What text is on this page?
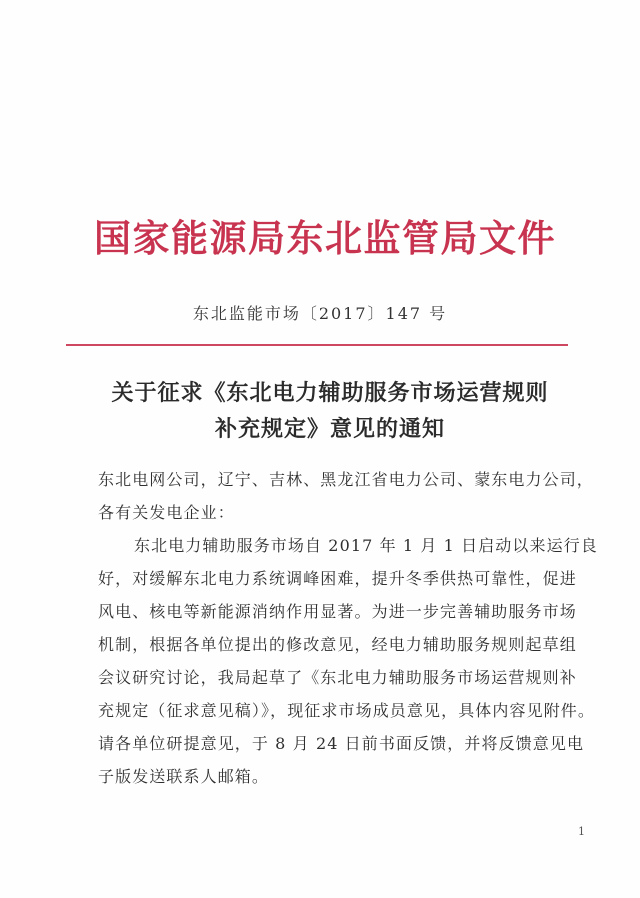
国家能源局东北监管局文件
东北监能市场〔2017〕147 号
关于征求《东北电力辅助服务市场运营规则
补充规定》意见的通知
东北电网公司，辽宁、吉林、黑龙江省电力公司、蒙东电力公司，
各有关发电企业：
东北电力辅助服务市场自 2017 年 1 月 1 日启动以来运行良
好，对缓解东北电力系统调峰困难，提升冬季供热可靠性，促进
风电、核电等新能源消纳作用显著。为进一步完善辅助服务市场
机制，根据各单位提出的修改意见，经电力辅助服务规则起草组
会议研究讨论，我局起草了《东北电力辅助服务市场运营规则补
充规定（征求意见稿）》，现征求市场成员意见，具体内容见附件。
请各单位研提意见，于 8 月 24 日前书面反馈，并将反馈意见电
子版发送联系人邮箱。
1
